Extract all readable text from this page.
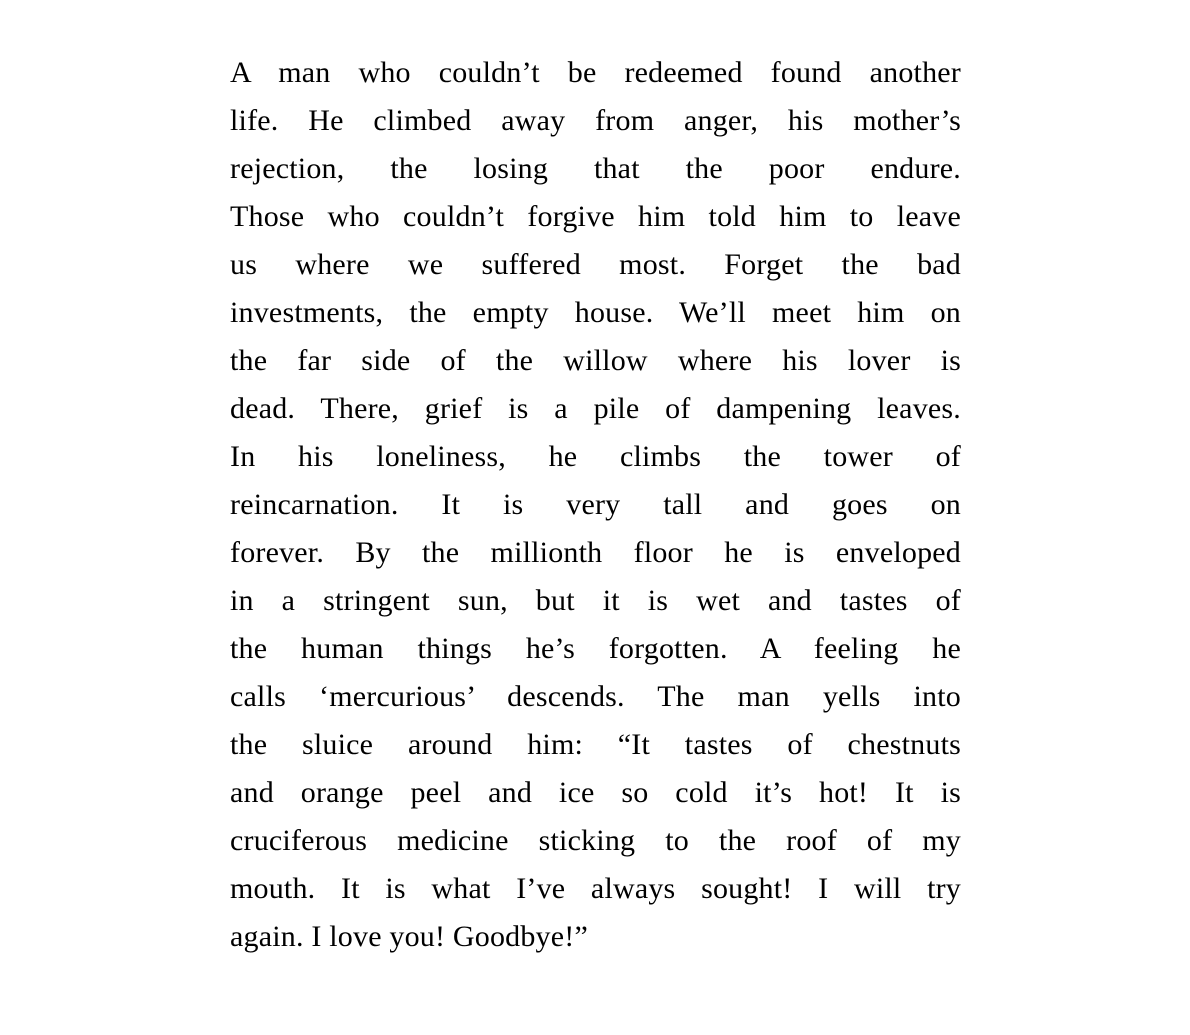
A man who couldn’t be redeemed found another
life. He climbed away from anger, his mother’s
rejection, the losing that the poor endure.
Those who couldn’t forgive him told him to leave
us where we suffered most. Forget the bad
investments, the empty house. We’ll meet him on
the far side of the willow where his lover is
dead. There, grief is a pile of dampening leaves.
In his loneliness, he climbs the tower of
reincarnation. It is very tall and goes on
forever. By the millionth floor he is enveloped
in a stringent sun, but it is wet and tastes of
the human things he’s forgotten. A feeling he
calls ‘mercurious’ descends. The man yells into
the sluice around him: “It tastes of chestnuts
and orange peel and ice so cold it’s hot! It is
cruciferous medicine sticking to the roof of my
mouth. It is what I’ve always sought! I will try
again. I love you! Goodbye!”
